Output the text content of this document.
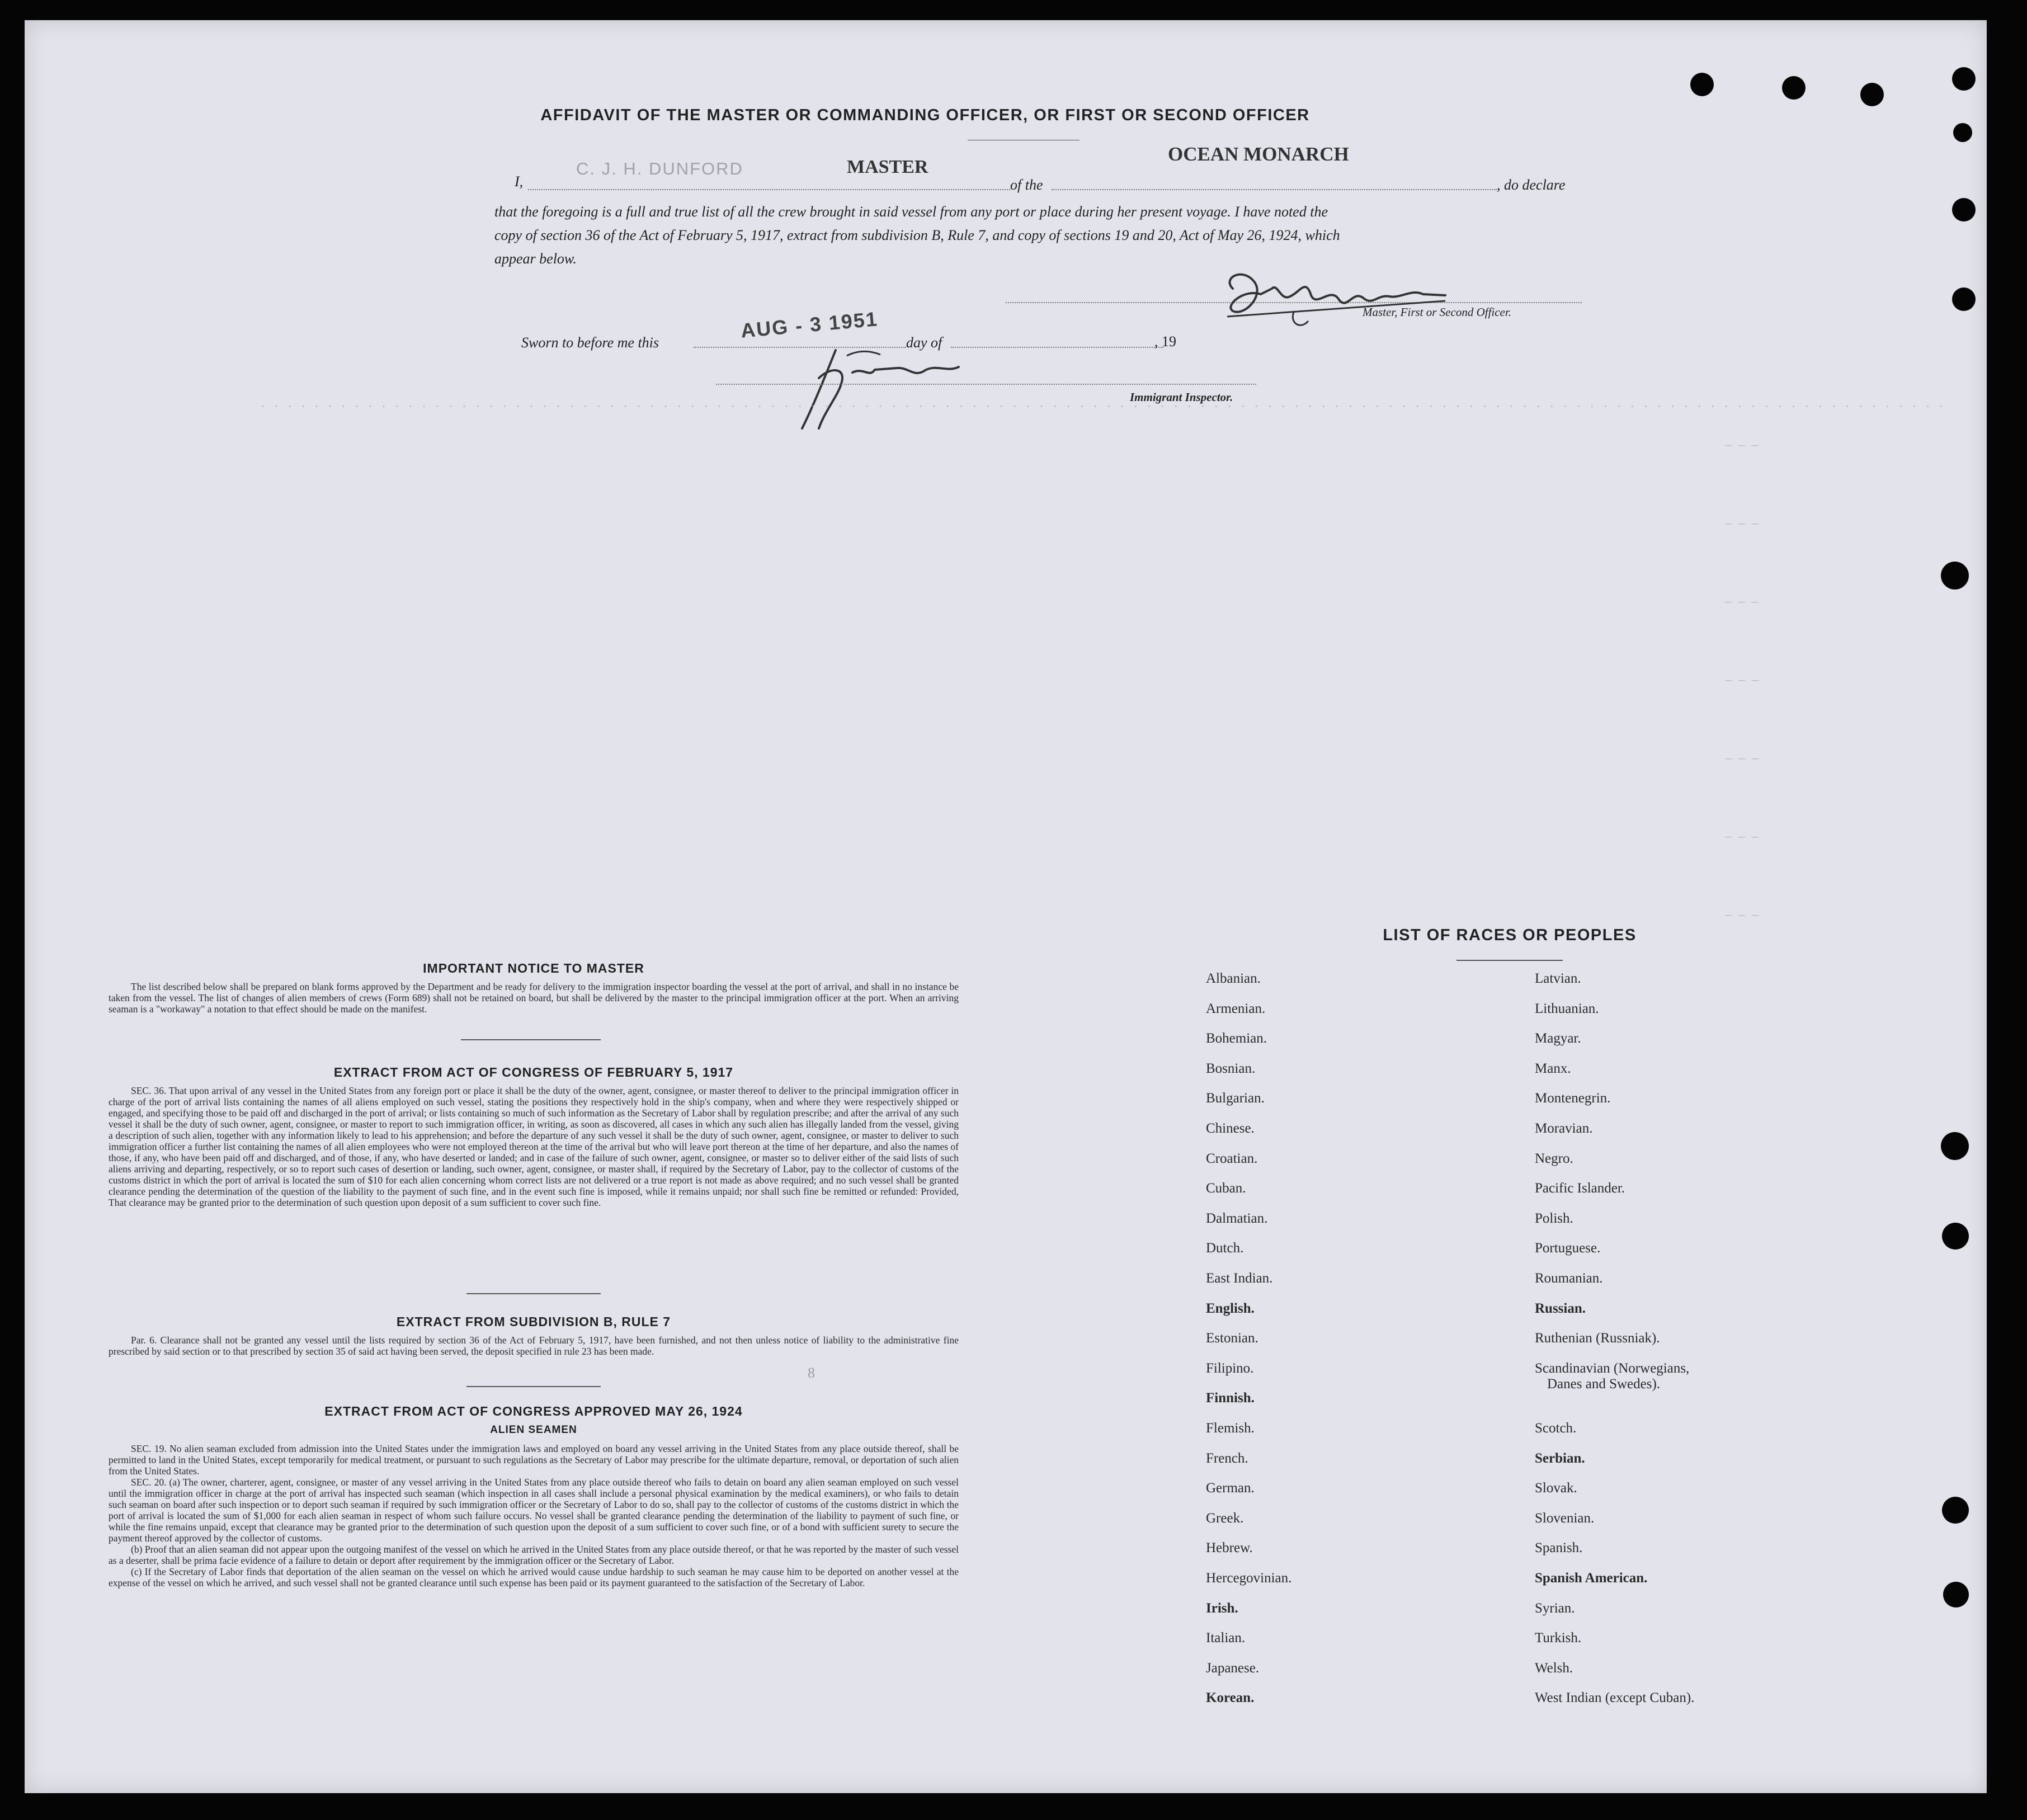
AFFIDAVIT OF THE MASTER OR COMMANDING OFFICER, OR FIRST OR SECOND OFFICER
I,
C. J. H. DUNFORD	MASTER
of the
OCEAN MONARCH
, do declare
that the foregoing is a full and true list of all the crew brought in said vessel from any port or place during her present voyage. I have noted the
copy of section 36 of the Act of February 5, 1917, extract from subdivision B, Rule 7, and copy of sections 19 and 20, Act of May 26, 1924, which
appear below.
Master, First or Second Officer.
Sworn to before me this
AUG - 3 1951
day of	, 19
Immigrant Inspector.
· · · · · · · · · · · · · · · · · · · · · · · · · · · · · · · · · · · · · · · · · · · · · · · · · · · · · · · · · · · · · · · · · · · · · · · · · · · · · · · · · · · · · · · · · · · · · · · · · · · · · · · · · · · · · · · · · · · · · · · · · · · · · ·
— — —
— — —
— — —
— — —
— — —
— — —
— — —
IMPORTANT NOTICE TO MASTER

The list described below shall be prepared on blank forms approved by the Department and be ready for delivery to the immigration inspector boarding the vessel at the port of arrival, and shall in no instance be taken from the vessel. The list of changes of alien members of crews (Form 689) shall not be retained on board, but shall be delivered by the master to the principal immigration officer at the port. When an arriving seaman is a "workaway" a notation to that effect should be made on the manifest.

EXTRACT FROM ACT OF CONGRESS OF FEBRUARY 5, 1917

SEC. 36. That upon arrival of any vessel in the United States from any foreign port or place it shall be the duty of the owner, agent, consignee, or master thereof to deliver to the principal immigration officer in charge of the port of arrival lists containing the names of all aliens employed on such vessel, stating the positions they respectively hold in the ship's company, when and where they were respectively shipped or engaged, and specifying those to be paid off and discharged in the port of arrival; or lists containing so much of such information as the Secretary of Labor shall by regulation prescribe; and after the arrival of any such vessel it shall be the duty of such owner, agent, consignee, or master to report to such immigration officer, in writing, as soon as discovered, all cases in which any such alien has illegally landed from the vessel, giving a description of such alien, together with any information likely to lead to his apprehension; and before the departure of any such vessel it shall be the duty of such owner, agent, consignee, or master to deliver to such immigration officer a further list containing the names of all alien employees who were not employed thereon at the time of the arrival but who will leave port thereon at the time of her departure, and also the names of those, if any, who have been paid off and discharged, and of those, if any, who have deserted or landed; and in case of the failure of such owner, agent, consignee, or master so to deliver either of the said lists of such aliens arriving and departing, respectively, or so to report such cases of desertion or landing, such owner, agent, consignee, or master shall, if required by the Secretary of Labor, pay to the collector of customs of the customs district in which the port of arrival is located the sum of $10 for each alien concerning whom correct lists are not delivered or a true report is not made as above required; and no such vessel shall be granted clearance pending the determination of the question of the liability to the payment of such fine, and in the event such fine is imposed, while it remains unpaid; nor shall such fine be remitted or refunded: Provided, That clearance may be granted prior to the determination of such question upon deposit of a sum sufficient to cover such fine.

EXTRACT FROM SUBDIVISION B, RULE 7

Par. 6. Clearance shall not be granted any vessel until the lists required by section 36 of the Act of February 5, 1917, have been furnished, and not then unless notice of liability to the administrative fine prescribed by said section or to that prescribed by section 35 of said act having been served, the deposit specified in rule 23 has been made.

8
EXTRACT FROM ACT OF CONGRESS APPROVED MAY 26, 1924
ALIEN SEAMEN

SEC. 19. No alien seaman excluded from admission into the United States under the immigration laws and employed on board any vessel arriving in the United States from any place outside thereof, shall be permitted to land in the United States, except temporarily for medical treatment, or pursuant to such regulations as the Secretary of Labor may prescribe for the ultimate departure, removal, or deportation of such alien from the United States.

SEC. 20. (a) The owner, charterer, agent, consignee, or master of any vessel arriving in the United States from any place outside thereof who fails to detain on board any alien seaman employed on such vessel until the immigration officer in charge at the port of arrival has inspected such seaman (which inspection in all cases shall include a personal physical examination by the medical examiners), or who fails to detain such seaman on board after such inspection or to deport such seaman if required by such immigration officer or the Secretary of Labor to do so, shall pay to the collector of customs of the customs district in which the port of arrival is located the sum of $1,000 for each alien seaman in respect of whom such failure occurs. No vessel shall be granted clearance pending the determination of the liability to payment of such fine, or while the fine remains unpaid, except that clearance may be granted prior to the determination of such question upon the deposit of a sum sufficient to cover such fine, or of a bond with sufficient surety to secure the payment thereof approved by the collector of customs.

(b) Proof that an alien seaman did not appear upon the outgoing manifest of the vessel on which he arrived in the United States from any place outside thereof, or that he was reported by the master of such vessel as a deserter, shall be prima facie evidence of a failure to detain or deport after requirement by the immigration officer or the Secretary of Labor.

(c) If the Secretary of Labor finds that deportation of the alien seaman on the vessel on which he arrived would cause undue hardship to such seaman he may cause him to be deported on another vessel at the expense of the vessel on which he arrived, and such vessel shall not be granted clearance until such expense has been paid or its payment guaranteed to the satisfaction of the Secretary of Labor.

LIST OF RACES OR PEOPLES
Albanian.
Armenian.
Bohemian.
Bosnian.
Bulgarian.
Chinese.
Croatian.
Cuban.
Dalmatian.
Dutch.
East Indian.
English.
Estonian.
Filipino.
Finnish.
Flemish.
French.
German.
Greek.
Hebrew.
Hercegovinian.
Irish.
Italian.
Japanese.
Korean.
Latvian.
Lithuanian.
Magyar.
Manx.
Montenegrin.
Moravian.
Negro.
Pacific Islander.
Polish.
Portuguese.
Roumanian.
Russian.
Ruthenian (Russniak).
Scandinavian (Norwegians,
Danes and Swedes).
Scotch.
Serbian.
Slovak.
Slovenian.
Spanish.
Spanish American.
Syrian.
Turkish.
Welsh.
West Indian (except Cuban).
